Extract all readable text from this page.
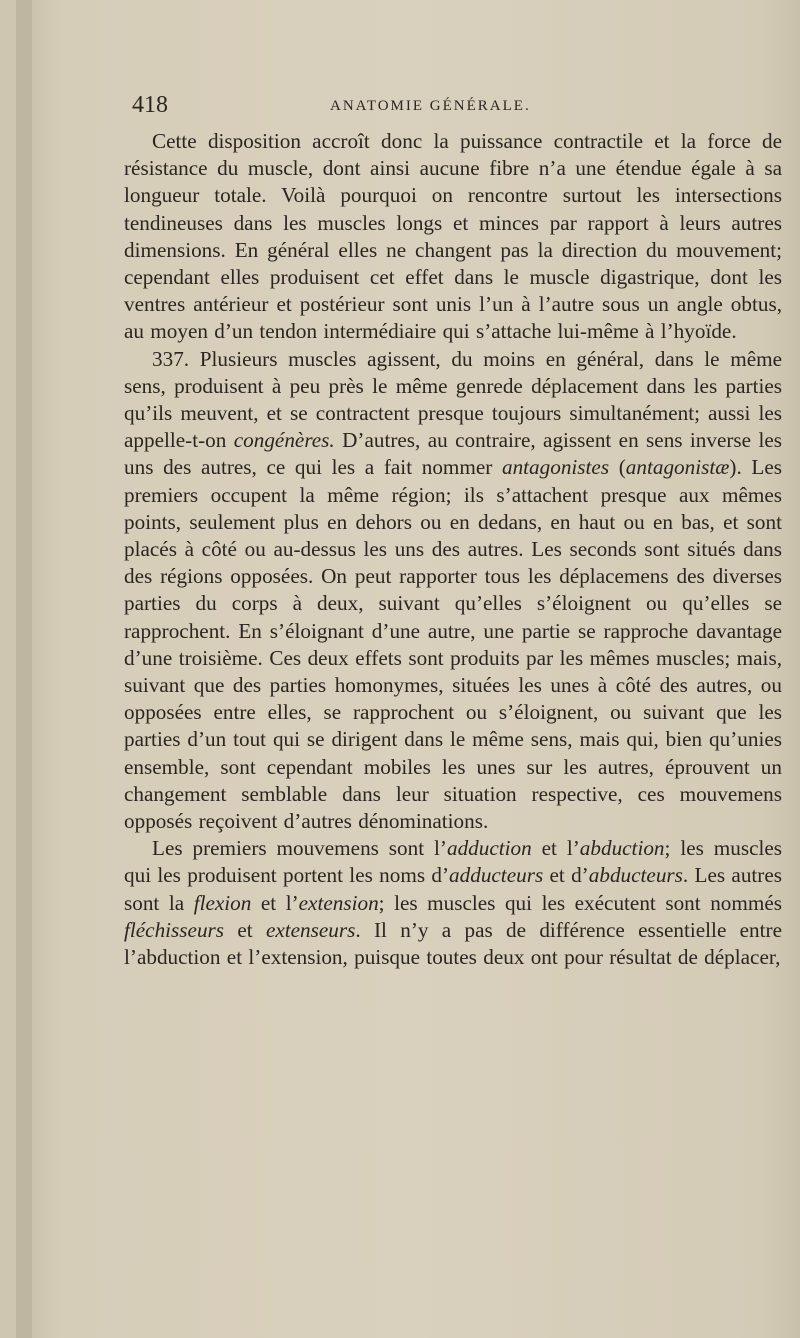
418	ANATOMIE GÉNÉRALE.

Cette disposition accroît donc la puissance contractile et la force de résistance du muscle, dont ainsi aucune fibre n’a une étendue égale à sa longueur totale. Voilà pourquoi on rencontre surtout les intersections tendineuses dans les muscles longs et minces par rapport à leurs autres dimensions. En général elles ne changent pas la direction du mouvement; cependant elles produisent cet effet dans le muscle digastrique, dont les ventres antérieur et postérieur sont unis l’un à l’autre sous un angle obtus, au moyen d’un tendon intermédiaire qui s’attache lui-même à l’hyoïde.

337. Plusieurs muscles agissent, du moins en général, dans le même sens, produisent à peu près le même genrede déplacement dans les parties qu’ils meuvent, et se contractent presque toujours simultanément; aussi les appelle-t-on congénères. D’autres, au contraire, agissent en sens inverse les uns des autres, ce qui les a fait nommer antagonistes (antagonistæ). Les premiers occupent la même région; ils s’attachent presque aux mêmes points, seulement plus en dehors ou en dedans, en haut ou en bas, et sont placés à côté ou au-dessus les uns des autres. Les seconds sont situés dans des régions opposées. On peut rapporter tous les déplacemens des diverses parties du corps à deux, suivant qu’elles s’éloignent ou qu’elles se rapprochent. En s’éloignant d’une autre, une partie se rapproche davantage d’une troisième. Ces deux effets sont produits par les mêmes muscles; mais, suivant que des parties homonymes, situées les unes à côté des autres, ou opposées entre elles, se rapprochent ou s’éloignent, ou suivant que les parties d’un tout qui se dirigent dans le même sens, mais qui, bien qu’unies ensemble, sont cependant mobiles les unes sur les autres, éprouvent un changement semblable dans leur situation respective, ces mouvemens opposés reçoivent d’autres dénominations.

Les premiers mouvemens sont l’adduction et l’abduction; les muscles qui les produisent portent les noms d’adducteurs et d’abducteurs. Les autres sont la flexion et l’extension; les muscles qui les exécutent sont nommés fléchisseurs et extenseurs. Il n’y a pas de différence essentielle entre l’abduction et l’extension, puisque toutes deux ont pour résultat de déplacer,
